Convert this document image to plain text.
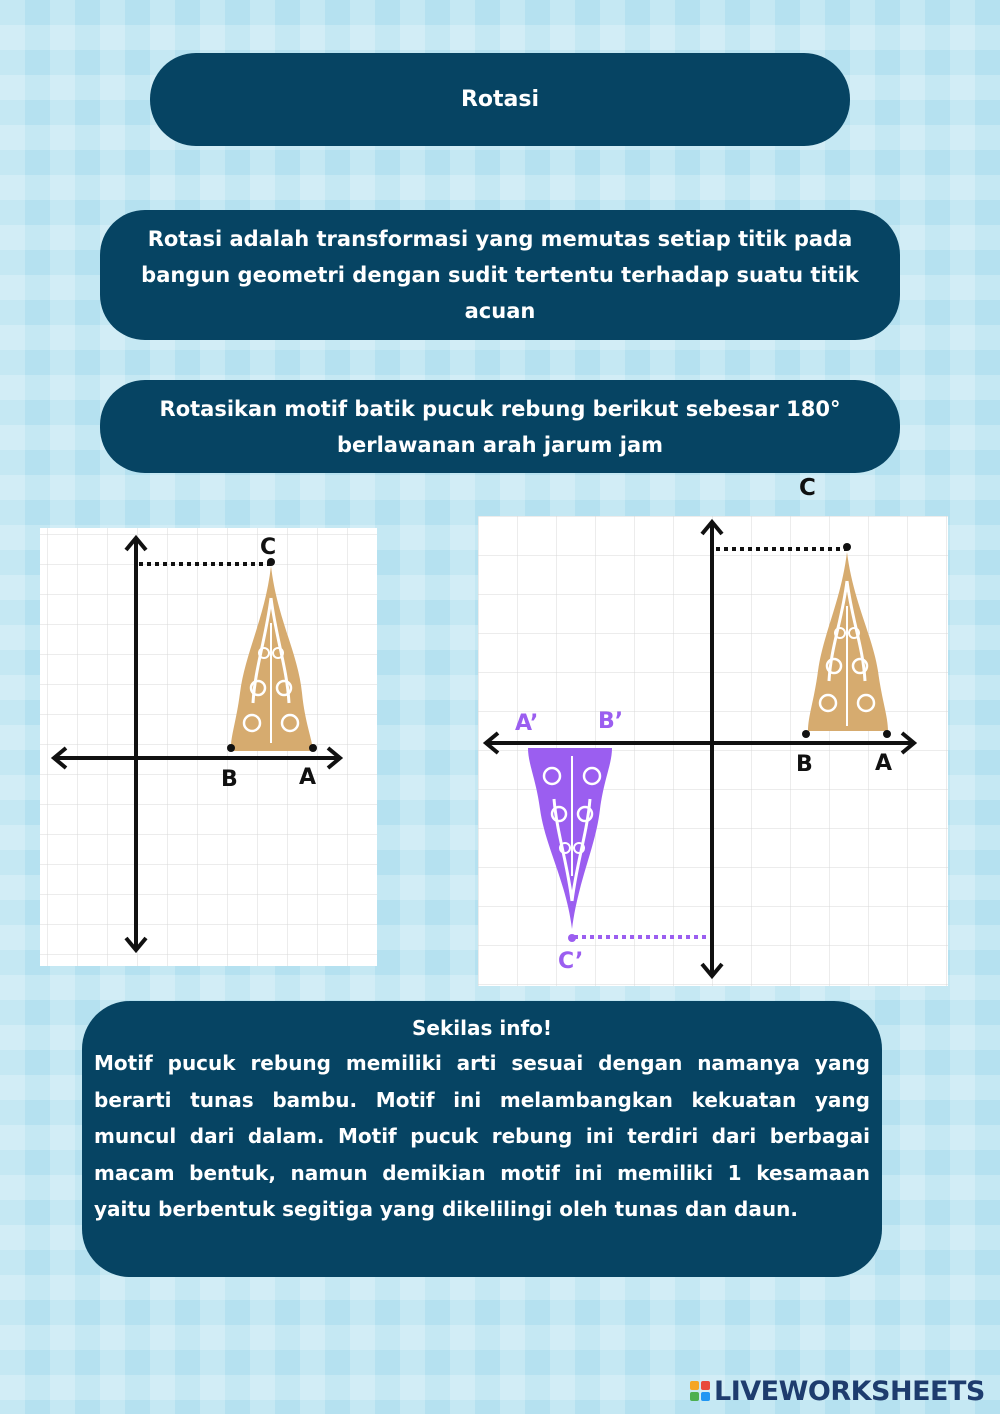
Rotasi
Rotasi adalah transformasi yang memutas setiap titik pada bangun geometri dengan sudit tertentu terhadap suatu titik acuan
Rotasikan motif batik pucuk rebung berikut sebesar 180° berlawanan arah jarum jam
C
B	A
B	A
A’	B’
C’
C
Sekilas info!
Motif pucuk rebung memiliki arti sesuai dengan namanya yang berarti tunas bambu. Motif ini melambangkan kekuatan yang muncul dari dalam. Motif pucuk rebung ini terdiri dari berbagai macam bentuk, namun demikian motif ini memiliki 1 kesamaan yaitu berbentuk segitiga yang dikelilingi oleh tunas dan daun.
LIVEWORKSHEETS
